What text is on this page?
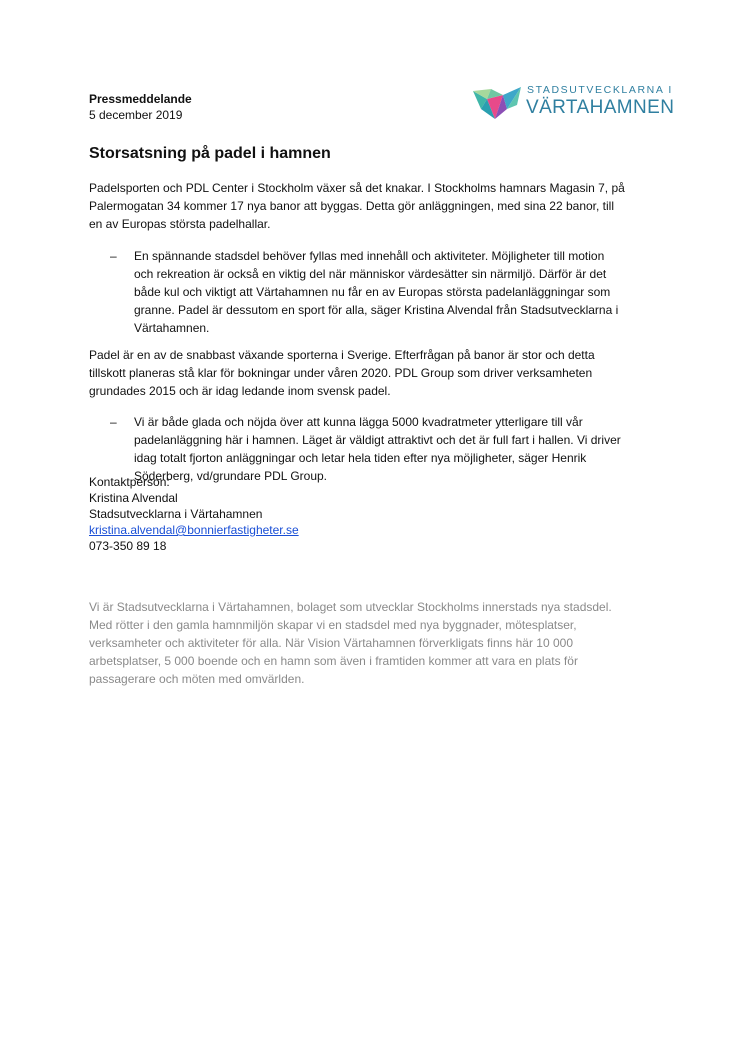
Pressmeddelande
5 december 2019
STADSUTVECKLARNA I
VÄRTAHAMNEN
Storsatsning på padel i hamnen
Padelsporten och PDL Center i Stockholm växer så det knakar. I Stockholms hamnars Magasin 7, på
Palermogatan 34 kommer 17 nya banor att byggas. Detta gör anläggningen, med sina 22 banor, till
en av Europas största padelhallar.
– En spännande stadsdel behöver fyllas med innehåll och aktiviteter. Möjligheter till motion
och rekreation är också en viktig del när människor värdesätter sin närmiljö. Därför är det
både kul och viktigt att Värtahamnen nu får en av Europas största padelanläggningar som
granne. Padel är dessutom en sport för alla, säger Kristina Alvendal från Stadsutvecklarna i
Värtahamnen.
Padel är en av de snabbast växande sporterna i Sverige. Efterfrågan på banor är stor och detta
tillskott planeras stå klar för bokningar under våren 2020. PDL Group som driver verksamheten
grundades 2015 och är idag ledande inom svensk padel.
– Vi är både glada och nöjda över att kunna lägga 5000 kvadratmeter ytterligare till vår
padelanläggning här i hamnen. Läget är väldigt attraktivt och det är full fart i hallen. Vi driver
idag totalt fjorton anläggningar och letar hela tiden efter nya möjligheter, säger Henrik
Söderberg, vd/grundare PDL Group.
Kontaktperson:
Kristina Alvendal
Stadsutvecklarna i Värtahamnen
kristina.alvendal@bonnierfastigheter.se
073-350 89 18
Vi är Stadsutvecklarna i Värtahamnen, bolaget som utvecklar Stockholms innerstads nya stadsdel.
Med rötter i den gamla hamnmiljön skapar vi en stadsdel med nya byggnader, mötesplatser,
verksamheter och aktiviteter för alla. När Vision Värtahamnen förverkligats finns här 10 000
arbetsplatser, 5 000 boende och en hamn som även i framtiden kommer att vara en plats för
passagerare och möten med omvärlden.
